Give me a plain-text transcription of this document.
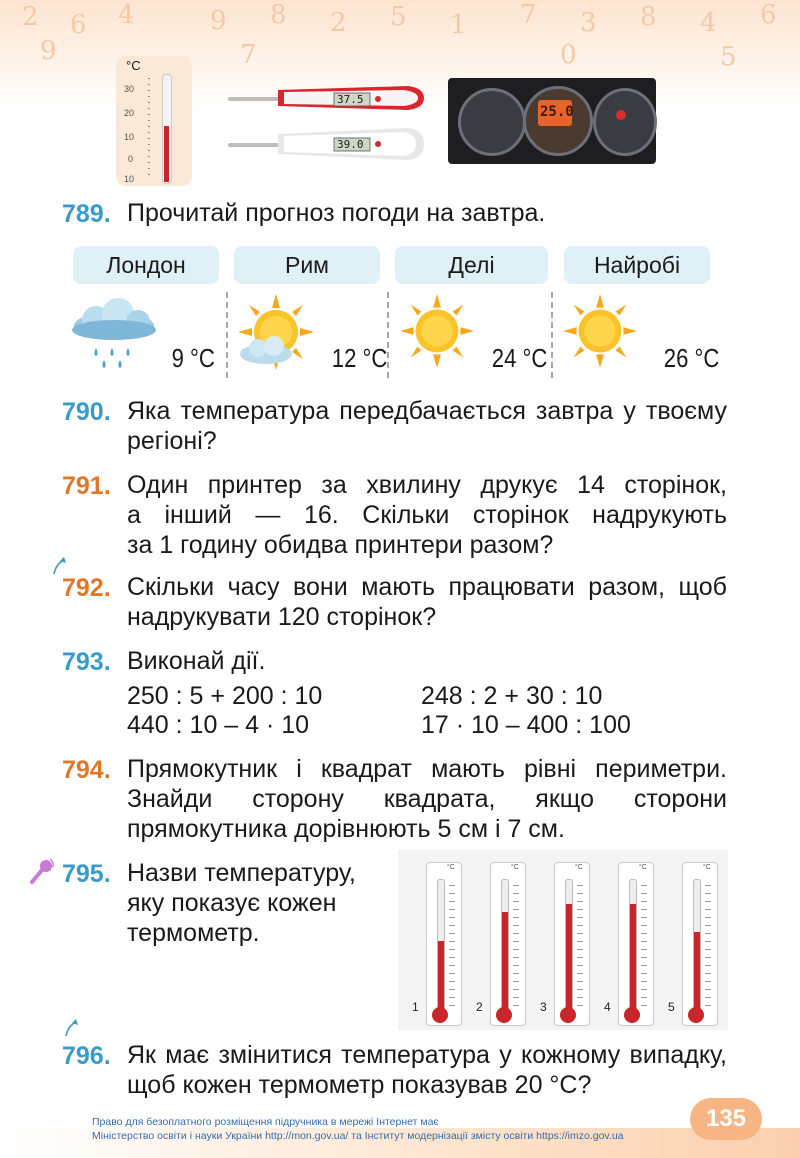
2 6 4	9 8 2 5 1 7 3 8 4 6
9	7	0	5
°C
30
20
10
0
10
37.5
39.0
25.0
789. Прочитай прогноз погоди на завтра.
Лондон	Рим	Делі	Найробі
9 °C	12 °C	24 °C	26 °C
790. Яка температура передбачається завтра у твоєму
регіоні?
791. Один принтер за хвилину друкує 14 сторінок,
а інший — 16. Скільки сторінок надрукують
за 1 годину обидва принтери разом?
792. Скільки часу вони мають працювати разом, щоб
надрукувати 120 сторінок?
793. Виконай дії.
250 : 5 + 200 : 10	248 : 2 + 30 : 10
440 : 10 – 4 · 10	17 · 10 – 400 : 100
794. Прямокутник і квадрат мають рівні периметри.
Знайди сторону квадрата, якщо сторони
прямокутника дорівнюють 5 см і 7 см.
795. Назви температуру,
яку показує кожен
термометр.
°C
1
°C
2
°C
3
°C
4
°C
5
796. Як має змінитися температура у кожному випадку,
щоб кожен термометр показував 20 °С?
Право для безоплатного розміщення підручника в мережі Інтернет має
Міністерство освіти і науки України http://mon.gov.ua/ та Інститут модернізації змісту освіти https://imzo.gov.ua
135
